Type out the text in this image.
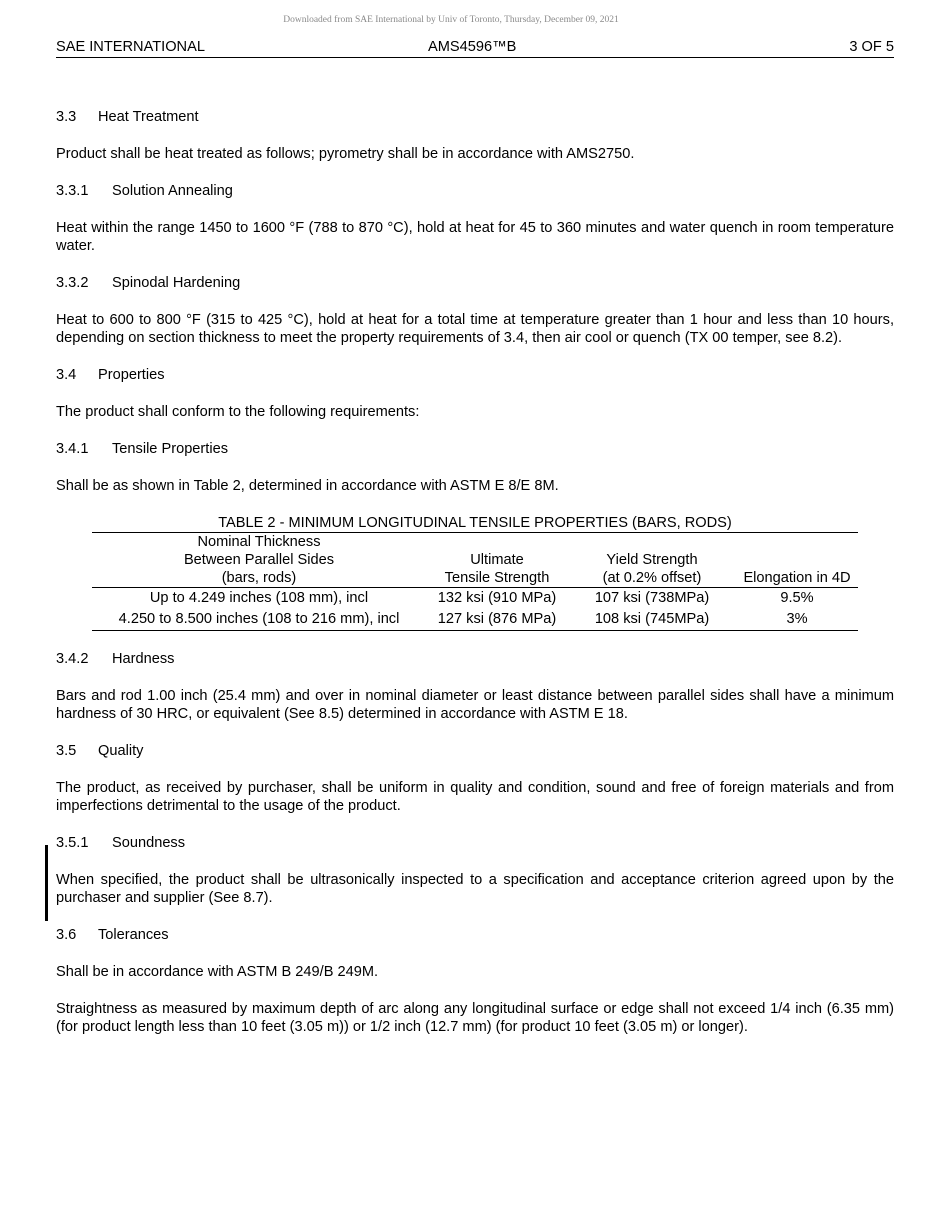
Downloaded from SAE International by Univ of Toronto, Thursday, December 09, 2021
SAE INTERNATIONAL	AMS4596™B	3 OF 5

3.3 Heat Treatment

Product shall be heat treated as follows; pyrometry shall be in accordance with AMS2750.

3.3.1 Solution Annealing

Heat within the range 1450 to 1600 °F (788 to 870 °C), hold at heat for 45 to 360 minutes and water quench in room temperature water.

3.3.2 Spinodal Hardening

Heat to 600 to 800 °F (315 to 425 °C), hold at heat for a total time at temperature greater than 1 hour and less than 10 hours, depending on section thickness to meet the property requirements of 3.4, then air cool or quench (TX 00 temper, see 8.2).

3.4 Properties

The product shall conform to the following requirements:

3.4.1 Tensile Properties

Shall be as shown in Table 2, determined in accordance with ASTM E 8/E 8M.

TABLE 2 - MINIMUM LONGITUDINAL TENSILE PROPERTIES (BARS, RODS)

Nominal Thickness			
Between Parallel Sides	Ultimate	Yield Strength	
(bars, rods)	Tensile Strength	(at 0.2% offset)	Elongation in 4D
Up to 4.249 inches (108 mm), incl	132 ksi (910 MPa)	107 ksi (738MPa)	9.5%
4.250 to 8.500 inches (108 to 216 mm), incl	127 ksi (876 MPa)	108 ksi (745MPa)	3%

3.4.2 Hardness

Bars and rod 1.00 inch (25.4 mm) and over in nominal diameter or least distance between parallel sides shall have a minimum hardness of 30 HRC, or equivalent (See 8.5) determined in accordance with ASTM E 18.

3.5 Quality

The product, as received by purchaser, shall be uniform in quality and condition, sound and free of foreign materials and from imperfections detrimental to the usage of the product.

3.5.1 Soundness

When specified, the product shall be ultrasonically inspected to a specification and acceptance criterion agreed upon by the purchaser and supplier (See 8.7).

3.6 Tolerances

Shall be in accordance with ASTM B 249/B 249M.

Straightness as measured by maximum depth of arc along any longitudinal surface or edge shall not exceed 1/4 inch (6.35 mm) (for product length less than 10 feet (3.05 m)) or 1/2 inch (12.7 mm) (for product 10 feet (3.05 m) or longer).
